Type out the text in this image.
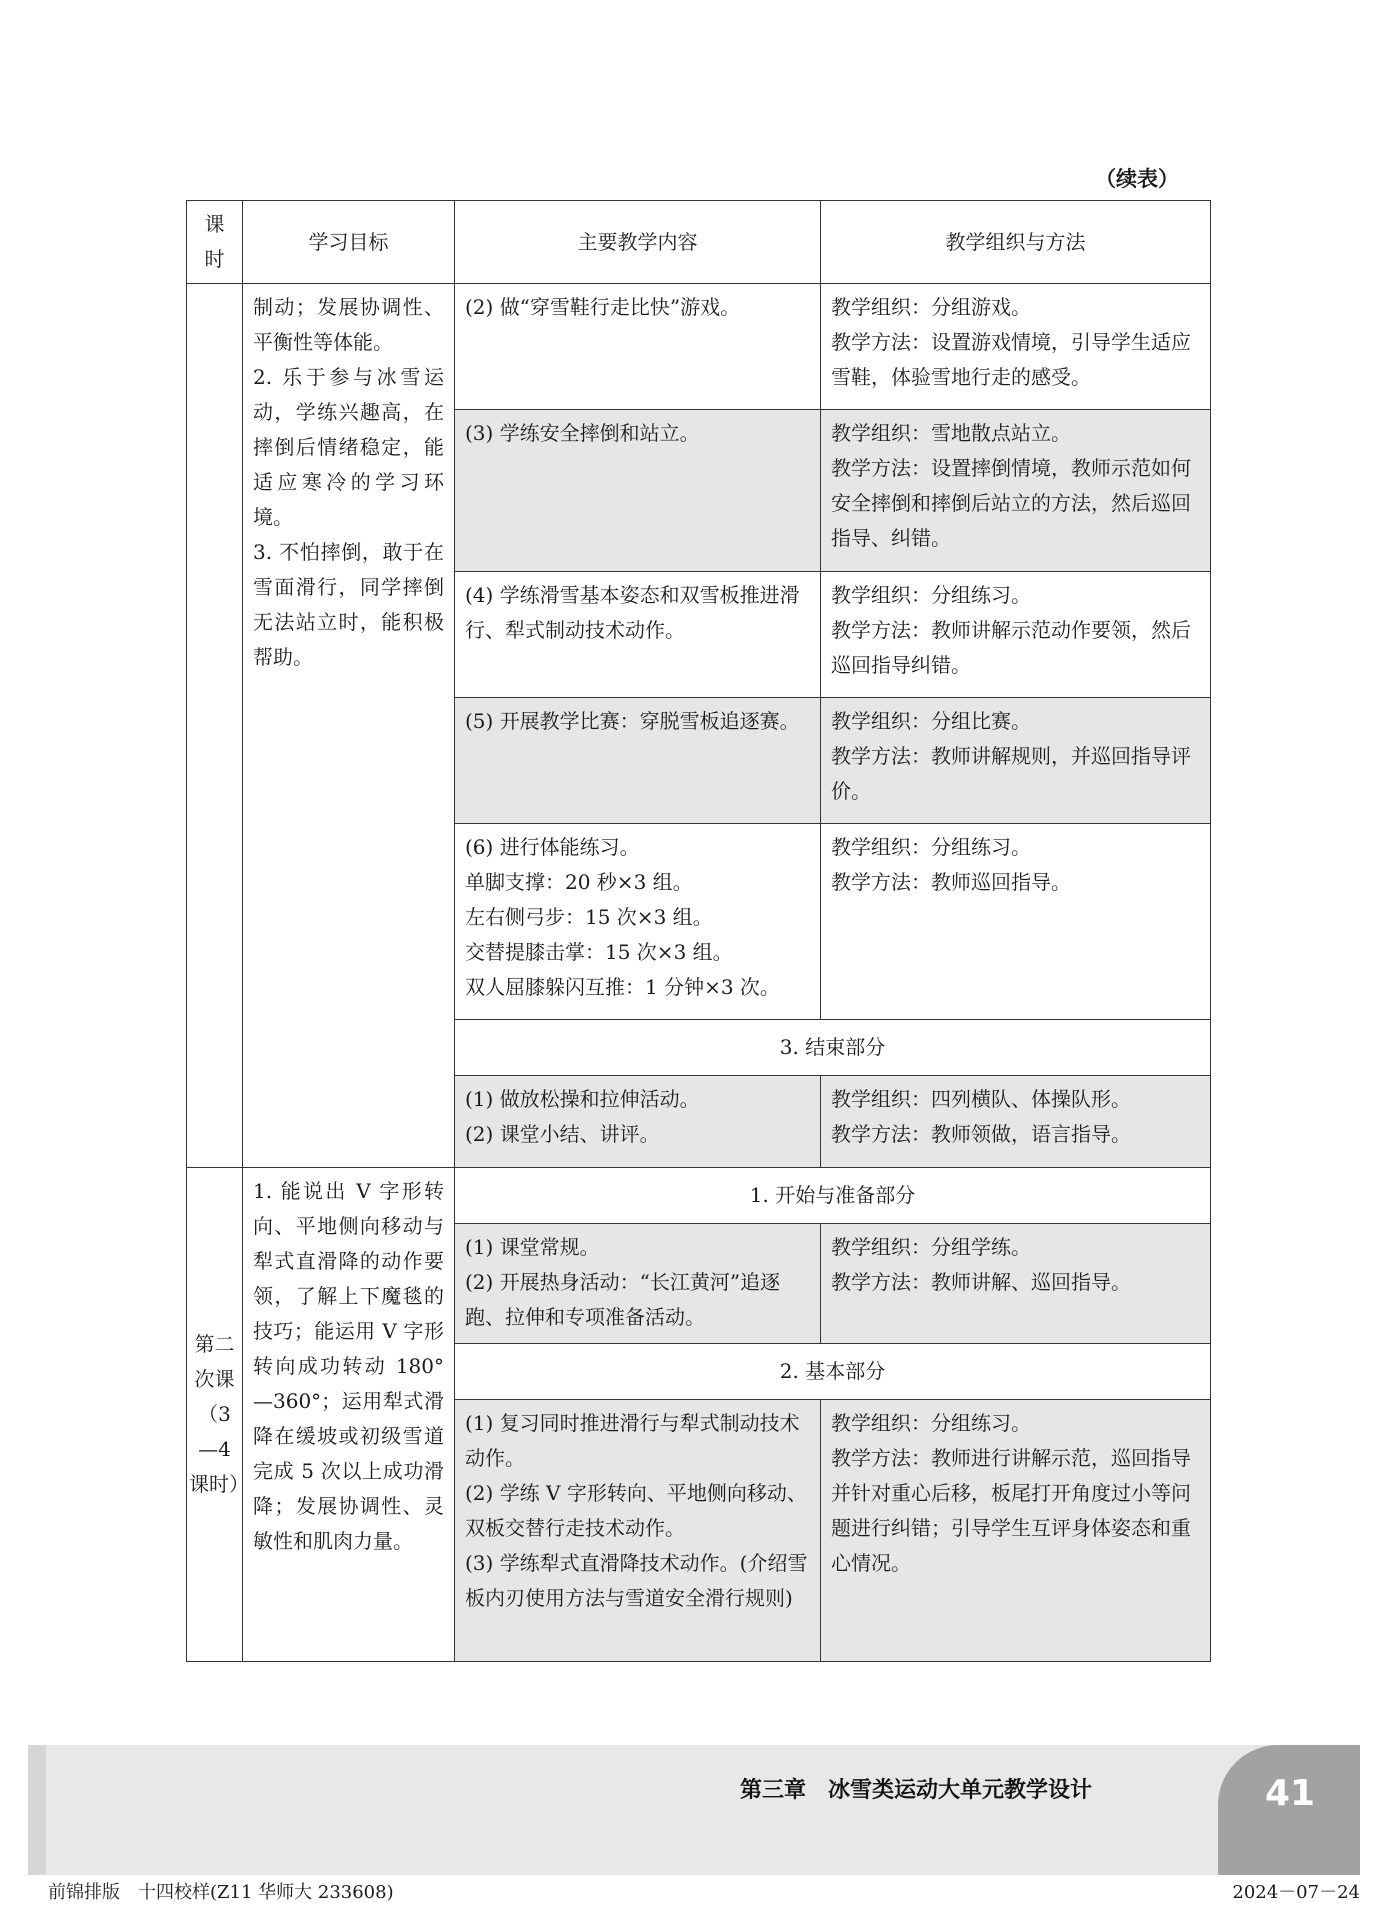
（续表）
课时	学习目标	主要教学内容	教学组织与方法

	制动；发展协调性、平衡性等体能。
2. 乐于参与冰雪运动，学练兴趣高，在摔倒后情绪稳定，能适应寒冷的学习环境。
3. 不怕摔倒，敢于在雪面滑行，同学摔倒无法站立时，能积极帮助。	(2) 做“穿雪鞋行走比快”游戏。	教学组织：分组游戏。
教学方法：设置游戏情境，引导学生适应雪鞋，体验雪地行走的感受。

		(3) 学练安全摔倒和站立。	教学组织：雪地散点站立。
教学方法：设置摔倒情境，教师示范如何安全摔倒和摔倒后站立的方法，然后巡回指导、纠错。

		(4) 学练滑雪基本姿态和双雪板推进滑行、犁式制动技术动作。	教学组织：分组练习。
教学方法：教师讲解示范动作要领，然后巡回指导纠错。

		(5) 开展教学比赛：穿脱雪板追逐赛。	教学组织：分组比赛。
教学方法：教师讲解规则，并巡回指导评价。

		(6) 进行体能练习。
单脚支撑：20 秒×3 组。
左右侧弓步：15 次×3 组。
交替提膝击掌：15 次×3 组。
双人屈膝躲闪互推：1 分钟×3 次。	教学组织：分组练习。
教学方法：教师巡回指导。

		3. 结束部分	

		(1) 做放松操和拉伸活动。
(2) 课堂小结、讲评。	教学组织：四列横队、体操队形。
教学方法：教师领做，语言指导。

第二次课（3—4 课时）	1. 能说出 V 字形转向、平地侧向移动与犁式直滑降的动作要领，了解上下魔毯的技巧；能运用 V 字形转向成功转动 180°—360°；运用犁式滑降在缓坡或初级雪道完成 5 次以上成功滑降；发展协调性、灵敏性和肌肉力量。	1. 开始与准备部分	

		(1) 课堂常规。
(2) 开展热身活动：“长江黄河”追逐跑、拉伸和专项准备活动。	教学组织：分组学练。
教学方法：教师讲解、巡回指导。

		2. 基本部分	

		(1) 复习同时推进滑行与犁式制动技术动作。
(2) 学练 V 字形转向、平地侧向移动、双板交替行走技术动作。
(3) 学练犁式直滑降技术动作。(介绍雪板内刃使用方法与雪道安全滑行规则)	教学组织：分组练习。
教学方法：教师进行讲解示范，巡回指导并针对重心后移，板尾打开角度过小等问题进行纠错；引导学生互评身体姿态和重心情况。
第三章　冰雪类运动大单元教学设计	41
前锦排版　十四校样(Z11 华师大 233608)	2024－07－24
